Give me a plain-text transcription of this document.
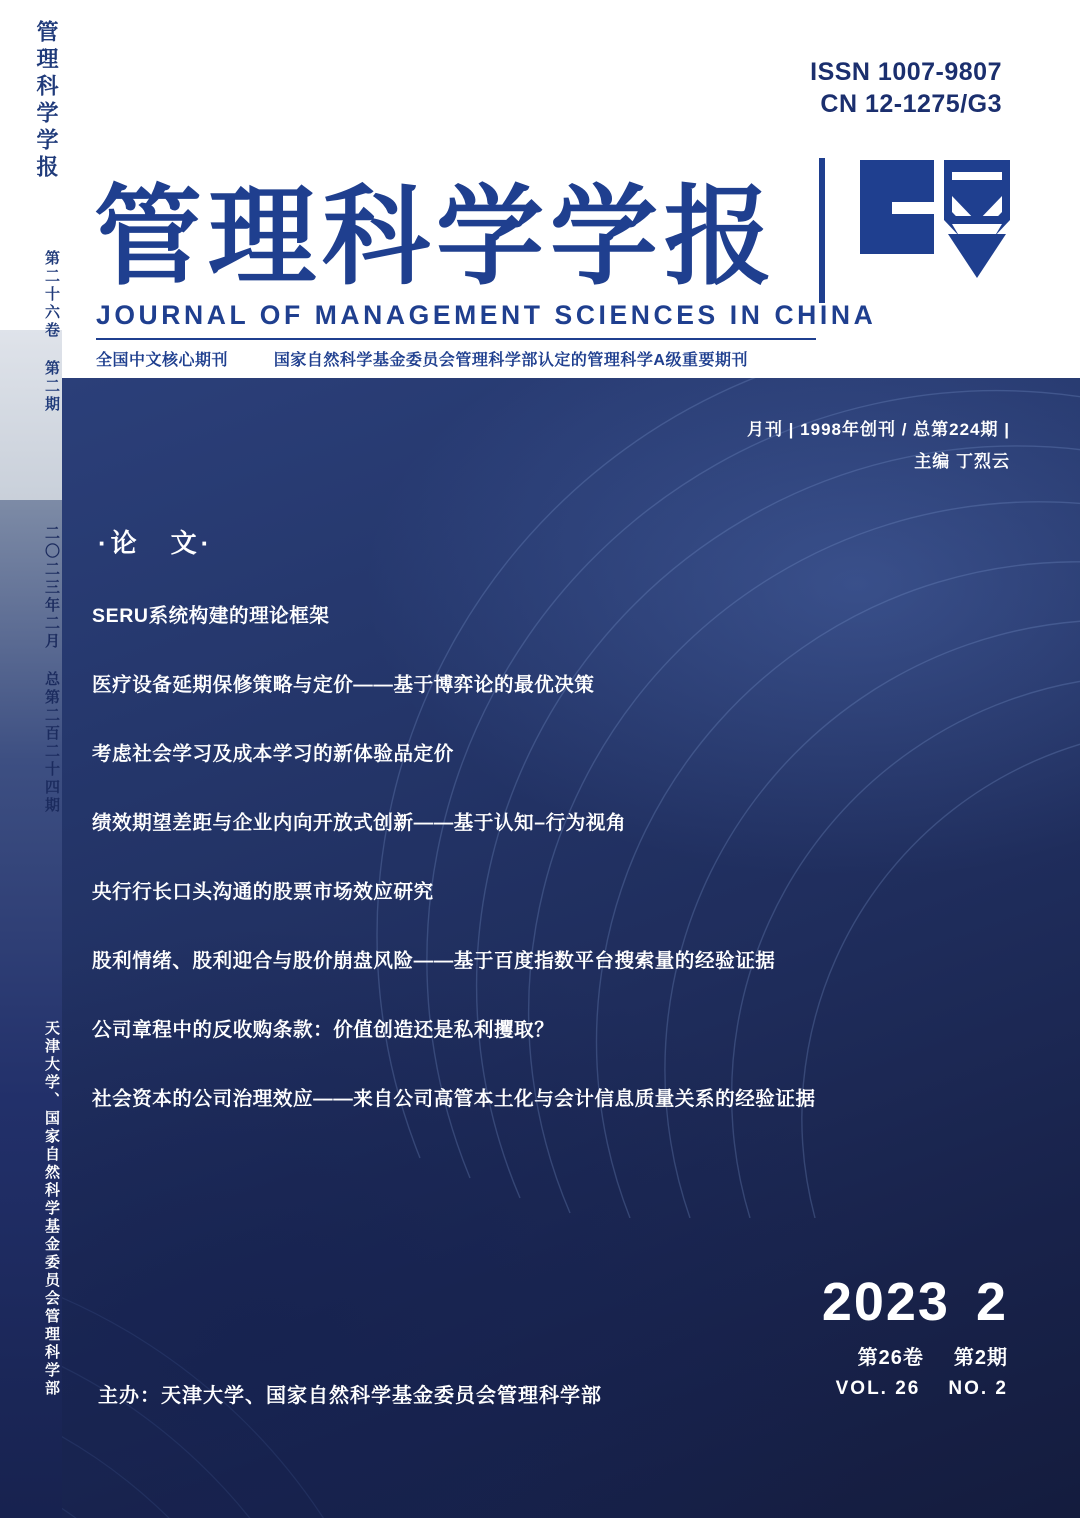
管理科学学报
第二十六卷 第二期
二〇二三年二月 总第二百二十四期
天津大学、国家自然科学基金委员会管理科学部
ISSN 1007-9807
CN 12-1275/G3
管理科学学报
JOURNAL OF MANAGEMENT SCIENCES IN CHINA
全国中文核心期刊	国家自然科学基金委员会管理科学部认定的管理科学A级重要期刊
月刊 | 1998年创刊 / 总第224期 |
主编 丁烈云
·论　文·
SERU系统构建的理论框架
医疗设备延期保修策略与定价——基于博弈论的最优决策
考虑社会学习及成本学习的新体验品定价
绩效期望差距与企业内向开放式创新——基于认知–行为视角
央行行长口头沟通的股票市场效应研究
股利情绪、股利迎合与股价崩盘风险——基于百度指数平台搜索量的经验证据
公司章程中的反收购条款：价值创造还是私利攫取？
社会资本的公司治理效应——来自公司高管本土化与会计信息质量关系的经验证据
2023 2
第26卷 第2期
VOL. 26 NO. 2
主办：天津大学、国家自然科学基金委员会管理科学部
